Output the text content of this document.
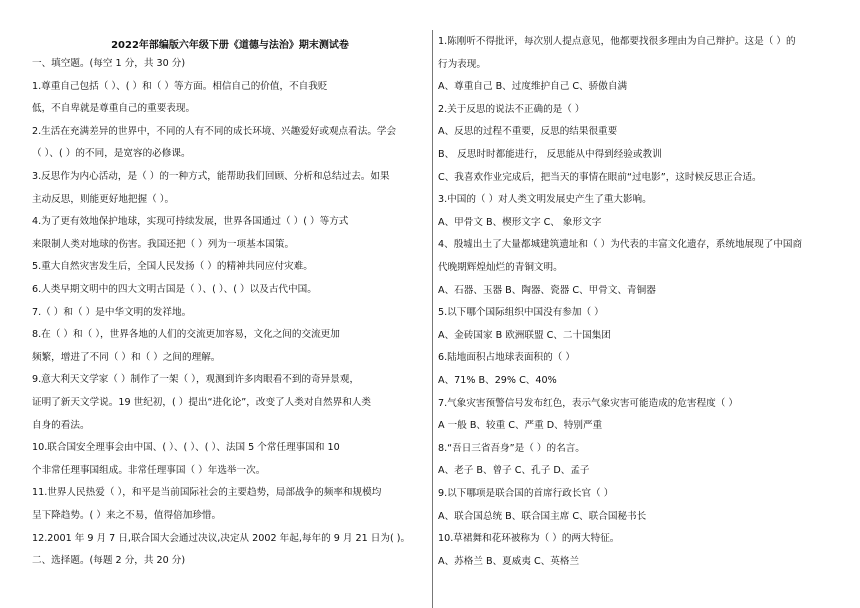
2022年部编版六年级下册《道德与法治》期末测试卷
一、填空题。(每空 1 分，共 30 分)
1.尊重自己包括（ ）、( ）和（ ）等方面。相信自己的价值，不自我贬
低，不自卑就是尊重自己的重要表现。
2.生活在充满差异的世界中，不同的人有不同的成长环境、兴趣爱好或观点看法。学会
（ ）、( ）的不同，是宽容的必修课。
3.反思作为内心活动，是（ ）的一种方式，能帮助我们回顾、分析和总结过去。如果
主动反思，则能更好地把握（ ）。
4.为了更有效地保护地球，实现可持续发展，世界各国通过（ ）( ）等方式
来限制人类对地球的伤害。我国还把（ ）列为一项基本国策。
5.重大自然灾害发生后，全国人民发扬（ ）的精神共同应付灾难。
6.人类早期文明中的四大文明古国是（ ）、( ）、( ）以及古代中国。
7.（ ）和（ ）是中华文明的发祥地。
8.在（ ）和（ ），世界各地的人们的交流更加容易，文化之间的交流更加
频繁，增进了不同（ ）和（ ）之间的理解。
9.意大利天文学家（ ）制作了一架（ ），观测到许多肉眼看不到的奇异景观，
证明了新天文学说。19 世纪初，( ）提出“进化论”，改变了人类对自然界和人类
自身的看法。
10.联合国安全理事会由中国、( ）、( ）、( ）、法国 5 个常任理事国和 10
个非常任理事国组成。非常任理事国（ ）年选举一次。
11.世界人民热爱（ ），和平是当前国际社会的主要趋势，局部战争的频率和规模均
呈下降趋势。( ）来之不易，值得倍加珍惜。
12.2001 年 9 月 7 日,联合国大会通过决议,决定从 2002 年起,每年的 9 月 21 日为( )。
二、选择题。(每题 2 分，共 20 分)
1.陈刚听不得批评，每次别人提点意见，他都要找很多理由为自己辩护。这是（ ）的
行为表现。
A、尊重自己 B、过度维护自己 C、骄傲自满
2.关于反思的说法不正确的是（ ）
A、反思的过程不重要，反思的结果很重要
B、 反思时时都能进行， 反思能从中得到经验或教训
C、我喜欢作业完成后，把当天的事情在眼前“过电影”，这时候反思正合适。
3.中国的（ ）对人类文明发展史产生了重大影响。
A、甲骨文 B、楔形文字 C、 象形文字
4、殷墟出土了大量都城建筑遗址和（ ）为代表的丰富文化遗存，系统地展现了中国商
代晚期辉煌灿烂的青铜文明。
A、石器、玉器 B、陶器、瓷器 C、甲骨文、青铜器
5.以下哪个国际组织中国没有参加（ ）
A、金砖国家 B 欧洲联盟 C、二十国集团
6.陆地面积占地球表面积的（ ）
A、71% B、29% C、40%
7.气象灾害预警信号发布红色，表示气象灾害可能造成的危害程度（ ）
A 一般 B、较重 C、严重 D、特别严重
8.“吾日三省吾身”是（ ）的名言。
A、老子 B、曾子 C、孔子 D、孟子
9.以下哪项是联合国的首席行政长官（ ）
A、联合国总统 B、联合国主席 C、联合国秘书长
10.草裙舞和花环被称为（ ）的两大特征。
A、苏格兰 B、夏威夷 C、英格兰
